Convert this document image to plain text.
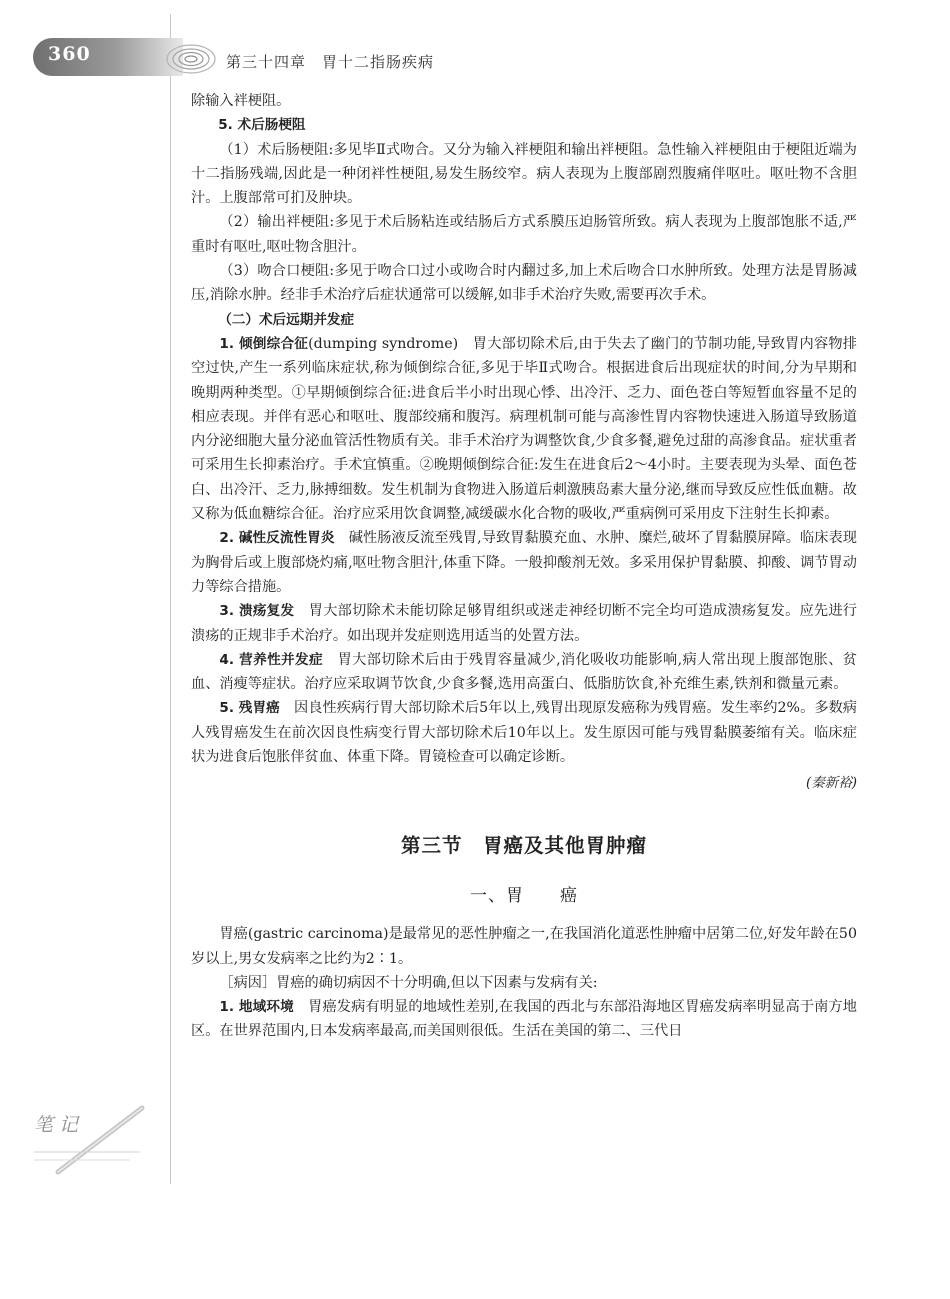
360	第三十四章　胃十二指肠疾病

除输入袢梗阻。

5. 术后肠梗阻

（1）术后肠梗阻:多见毕Ⅱ式吻合。又分为输入袢梗阻和输出袢梗阻。急性输入袢梗阻由于梗阻近端为十二指肠残端,因此是一种闭袢性梗阻,易发生肠绞窄。病人表现为上腹部剧烈腹痛伴呕吐。呕吐物不含胆汁。上腹部常可扪及肿块。

（2）输出袢梗阻:多见于术后肠粘连或结肠后方式系膜压迫肠管所致。病人表现为上腹部饱胀不适,严重时有呕吐,呕吐物含胆汁。

（3）吻合口梗阻:多见于吻合口过小或吻合时内翻过多,加上术后吻合口水肿所致。处理方法是胃肠减压,消除水肿。经非手术治疗后症状通常可以缓解,如非手术治疗失败,需要再次手术。

（二）术后远期并发症

1. 倾倒综合征(dumping syndrome)　 胃大部切除术后,由于失去了幽门的节制功能,导致胃内容物排空过快,产生一系列临床症状,称为倾倒综合征,多见于毕Ⅱ式吻合。根据进食后出现症状的时间,分为早期和晚期两种类型。①早期倾倒综合征:进食后半小时出现心悸、出冷汗、乏力、面色苍白等短暂血容量不足的相应表现。并伴有恶心和呕吐、腹部绞痛和腹泻。病理机制可能与高渗性胃内容物快速进入肠道导致肠道内分泌细胞大量分泌血管活性物质有关。非手术治疗为调整饮食,少食多餐,避免过甜的高渗食品。症状重者可采用生长抑素治疗。手术宜慎重。②晚期倾倒综合征:发生在进食后2～4小时。主要表现为头晕、面色苍白、出冷汗、乏力,脉搏细数。发生机制为食物进入肠道后刺激胰岛素大量分泌,继而导致反应性低血糖。故又称为低血糖综合征。治疗应采用饮食调整,减缓碳水化合物的吸收,严重病例可采用皮下注射生长抑素。

2. 碱性反流性胃炎　 碱性肠液反流至残胃,导致胃黏膜充血、水肿、糜烂,破坏了胃黏膜屏障。临床表现为胸骨后或上腹部烧灼痛,呕吐物含胆汁,体重下降。一般抑酸剂无效。多采用保护胃黏膜、抑酸、调节胃动力等综合措施。

3. 溃疡复发　 胃大部切除术未能切除足够胃组织或迷走神经切断不完全均可造成溃疡复发。应先进行溃疡的正规非手术治疗。如出现并发症则选用适当的处置方法。

4. 营养性并发症　 胃大部切除术后由于残胃容量减少,消化吸收功能影响,病人常出现上腹部饱胀、贫血、消瘦等症状。治疗应采取调节饮食,少食多餐,选用高蛋白、低脂肪饮食,补充维生素,铁剂和微量元素。

5. 残胃癌　 因良性疾病行胃大部切除术后5年以上,残胃出现原发癌称为残胃癌。发生率约2%。多数病人残胃癌发生在前次因良性病变行胃大部切除术后10年以上。发生原因可能与残胃黏膜萎缩有关。临床症状为进食后饱胀伴贫血、体重下降。胃镜检查可以确定诊断。

(秦新裕)

第三节　胃癌及其他胃肿瘤

一、胃　　癌

胃癌(gastric carcinoma)是最常见的恶性肿瘤之一,在我国消化道恶性肿瘤中居第二位,好发年龄在50岁以上,男女发病率之比约为2∶1。

［病因］胃癌的确切病因不十分明确,但以下因素与发病有关:

1. 地域环境　 胃癌发病有明显的地域性差别,在我国的西北与东部沿海地区胃癌发病率明显高于南方地区。在世界范围内,日本发病率最高,而美国则很低。生活在美国的第二、三代日

笔 记
